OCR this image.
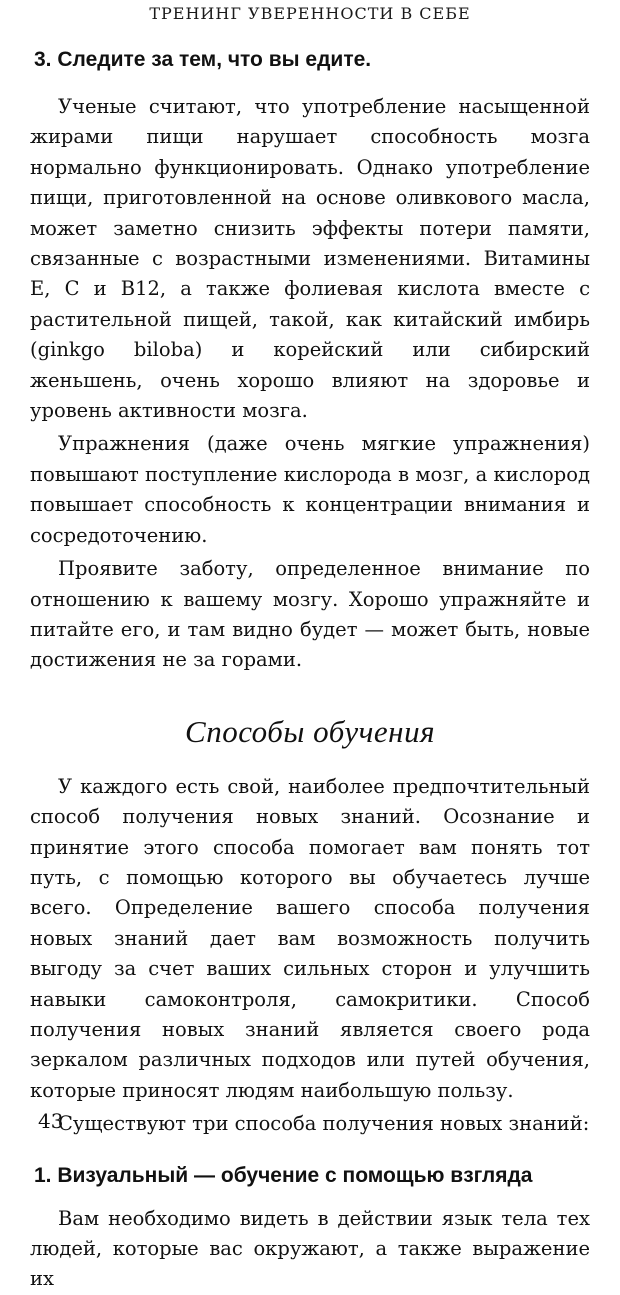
ТРЕНИНГ УВЕРЕННОСТИ В СЕБЕ
3. Следите за тем, что вы едите.

Ученые считают, что употребление насыщенной жирами пищи нарушает способность мозга нормально функционировать. Однако употребление пищи, приготовленной на основе оливкового масла, может заметно снизить эффекты потери памяти, связанные с возрастными изменениями. Витамины Е, С и В12, а также фолиевая кислота вместе с растительной пищей, такой, как китайский имбирь (ginkgo biloba) и корейский или сибирский женьшень, очень хорошо влияют на здоровье и уровень активности мозга.

Упражнения (даже очень мягкие упражнения) повышают поступление кислорода в мозг, а кислород повышает способность к концентрации внимания и сосредоточению.

Проявите заботу, определенное внимание по отношению к вашему мозгу. Хорошо упражняйте и питайте его, и там видно будет — может быть, новые достижения не за горами.

Способы обучения

У каждого есть свой, наиболее предпочтительный способ получения новых знаний. Осознание и принятие этого способа помогает вам понять тот путь, с помощью которого вы обучаетесь лучше всего. Определение вашего способа получения новых знаний дает вам возможность получить выгоду за счет ваших сильных сторон и улучшить навыки самоконтроля, самокритики. Способ получения новых знаний является своего рода зеркалом различных подходов или путей обучения, которые приносят людям наибольшую пользу.

Существуют три способа получения новых знаний:

1. Визуальный — обучение с помощью взгляда

Вам необходимо видеть в действии язык тела тех людей, которые вас окружают, а также выражение их

43
